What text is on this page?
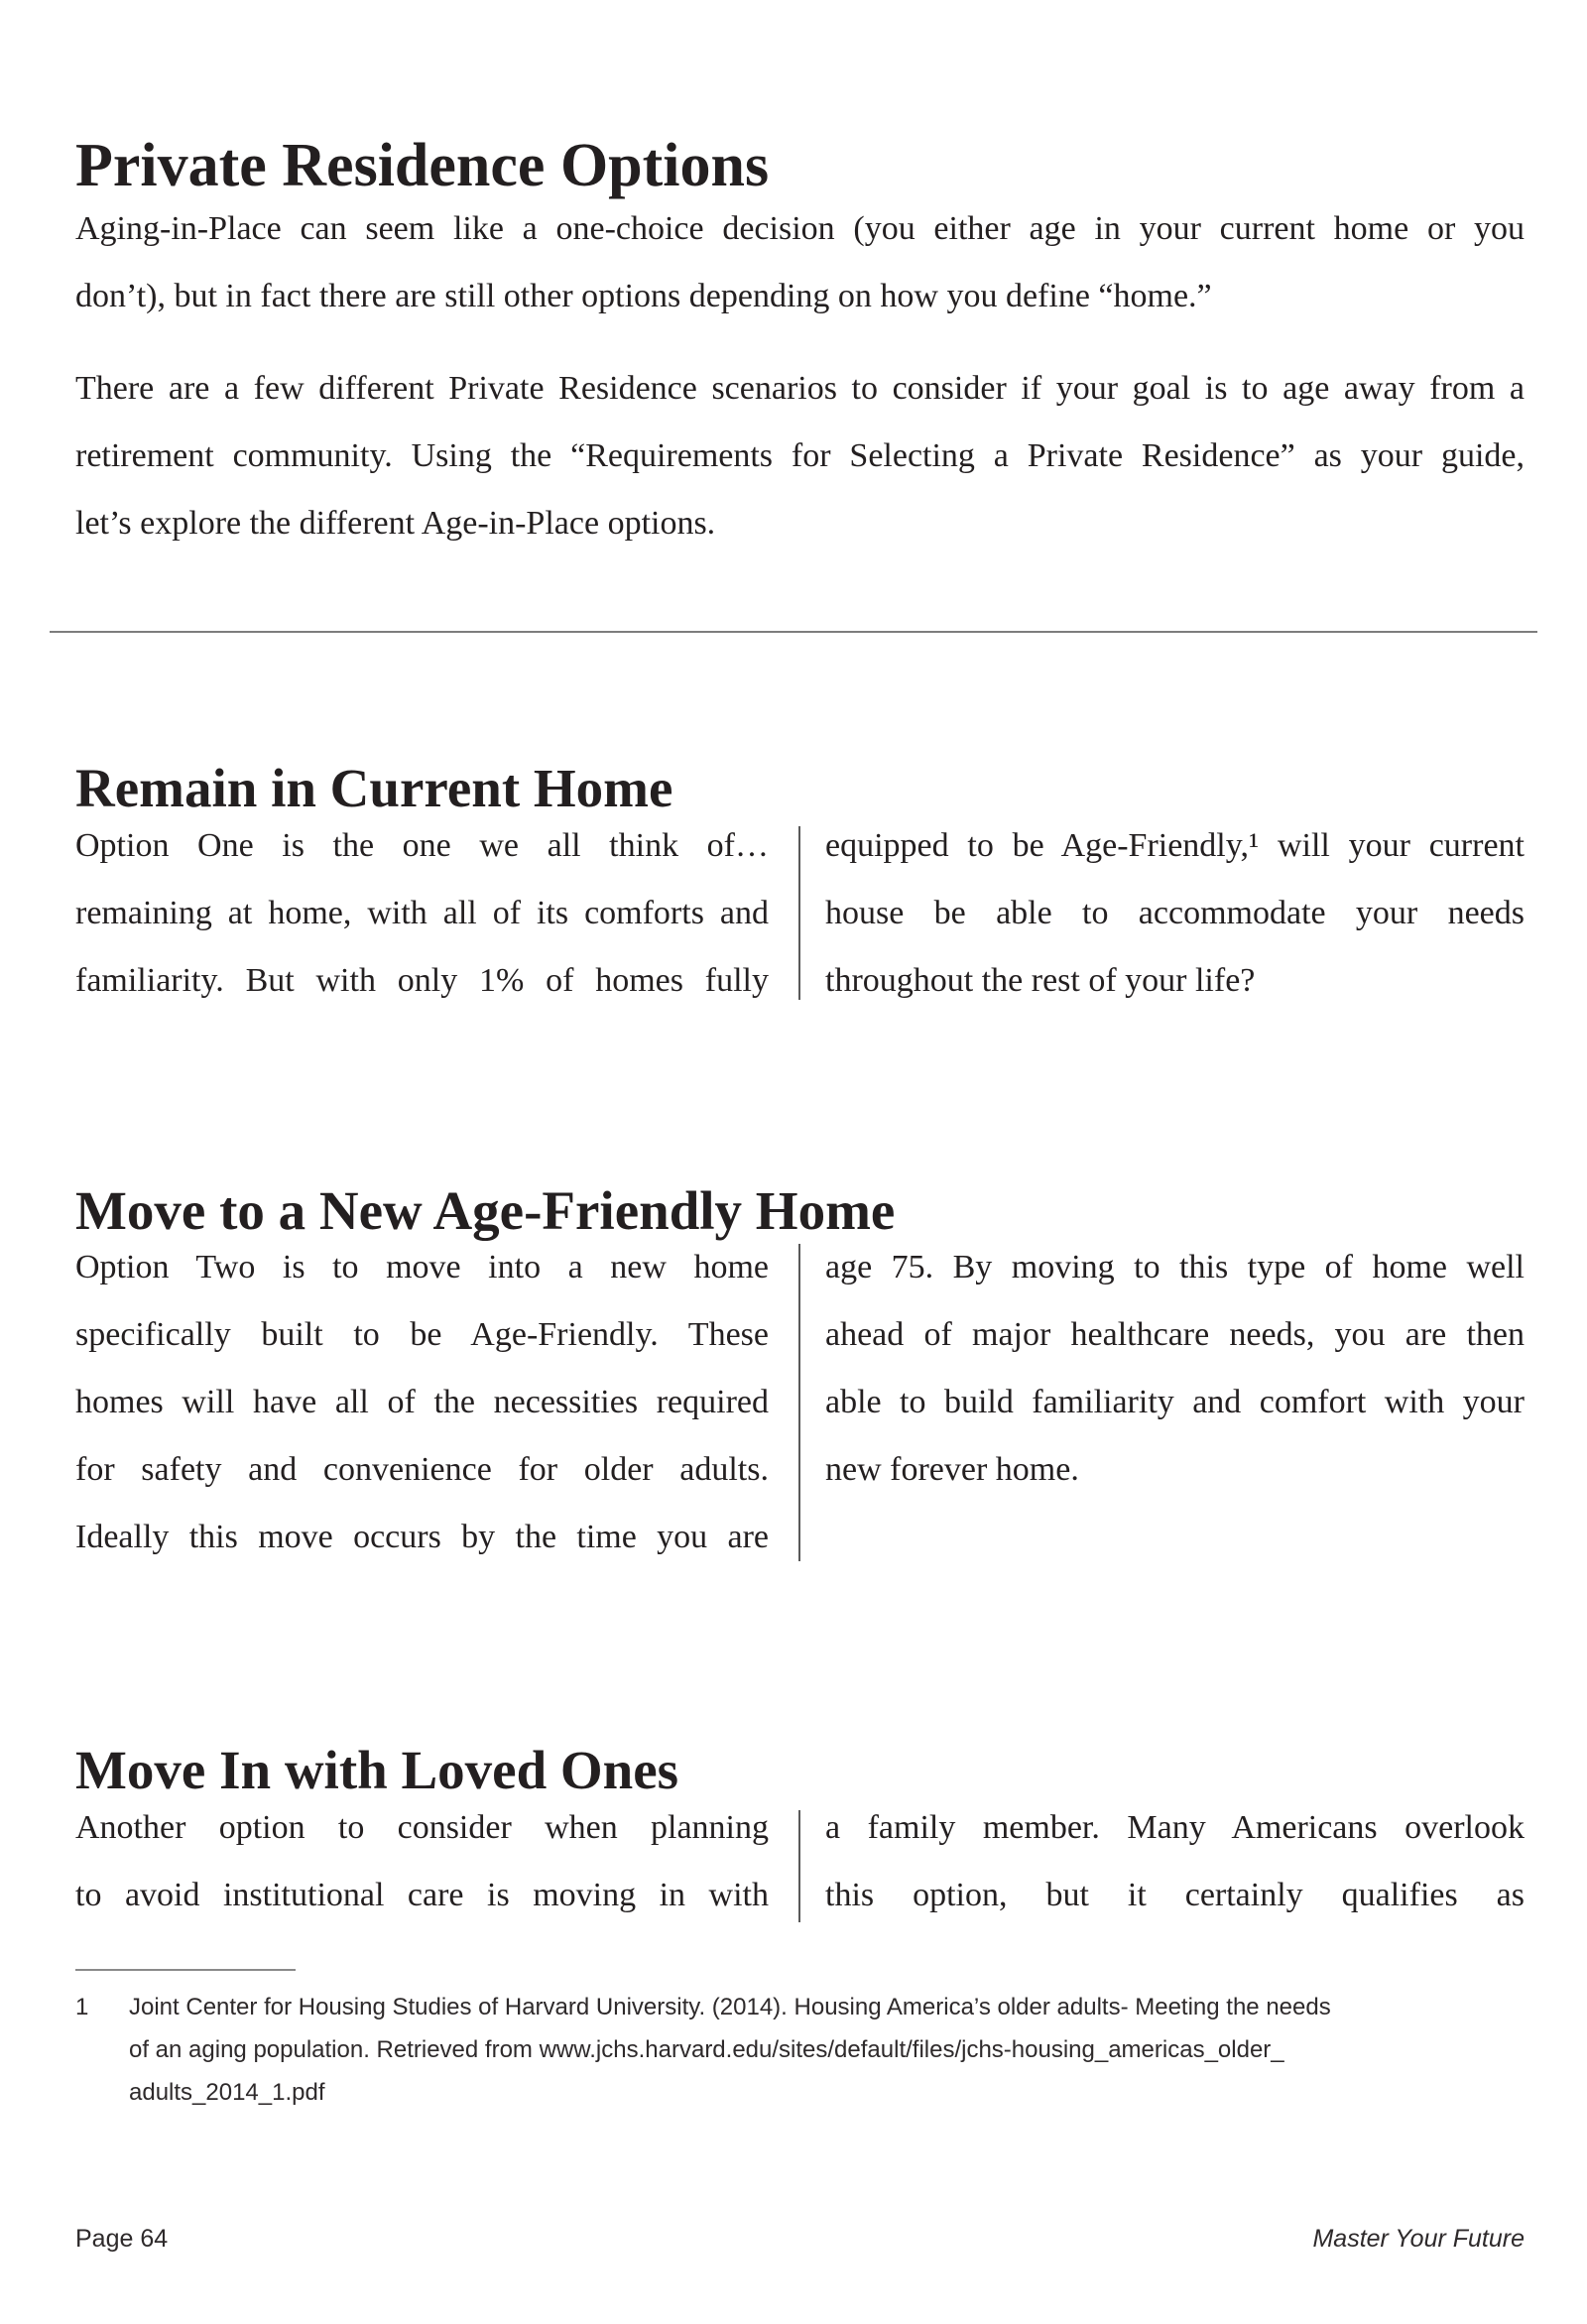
Private Residence Options
Aging-in-Place can seem like a one-choice decision (you either age in your current home or you
don’t), but in fact there are still other options depending on how you define “home.”
There are a few different Private Residence scenarios to consider if your goal is to age away from a
retirement community. Using the “Requirements for Selecting a Private Residence” as your guide,
let’s explore the different Age-in-Place options.
Remain in Current Home
Option One is the one we all think of…
remaining at home, with all of its comforts and
familiarity. But with only 1% of homes fully
equipped to be Age-Friendly,¹ will your current
house be able to accommodate your needs
throughout the rest of your life?
Move to a New Age-Friendly Home
Option Two is to move into a new home
specifically built to be Age-Friendly. These
homes will have all of the necessities required
for safety and convenience for older adults.
Ideally this move occurs by the time you are
age 75. By moving to this type of home well
ahead of major healthcare needs, you are then
able to build familiarity and comfort with your
new forever home.
Move In with Loved Ones
Another option to consider when planning
to avoid institutional care is moving in with
a family member. Many Americans overlook
this option, but it certainly qualifies as
1	Joint Center for Housing Studies of Harvard University. (2014). Housing America’s older adults- Meeting the needs
of an aging population. Retrieved from www.jchs.harvard.edu/sites/default/files/jchs-housing_americas_older_
adults_2014_1.pdf
Page 64	Master Your Future
